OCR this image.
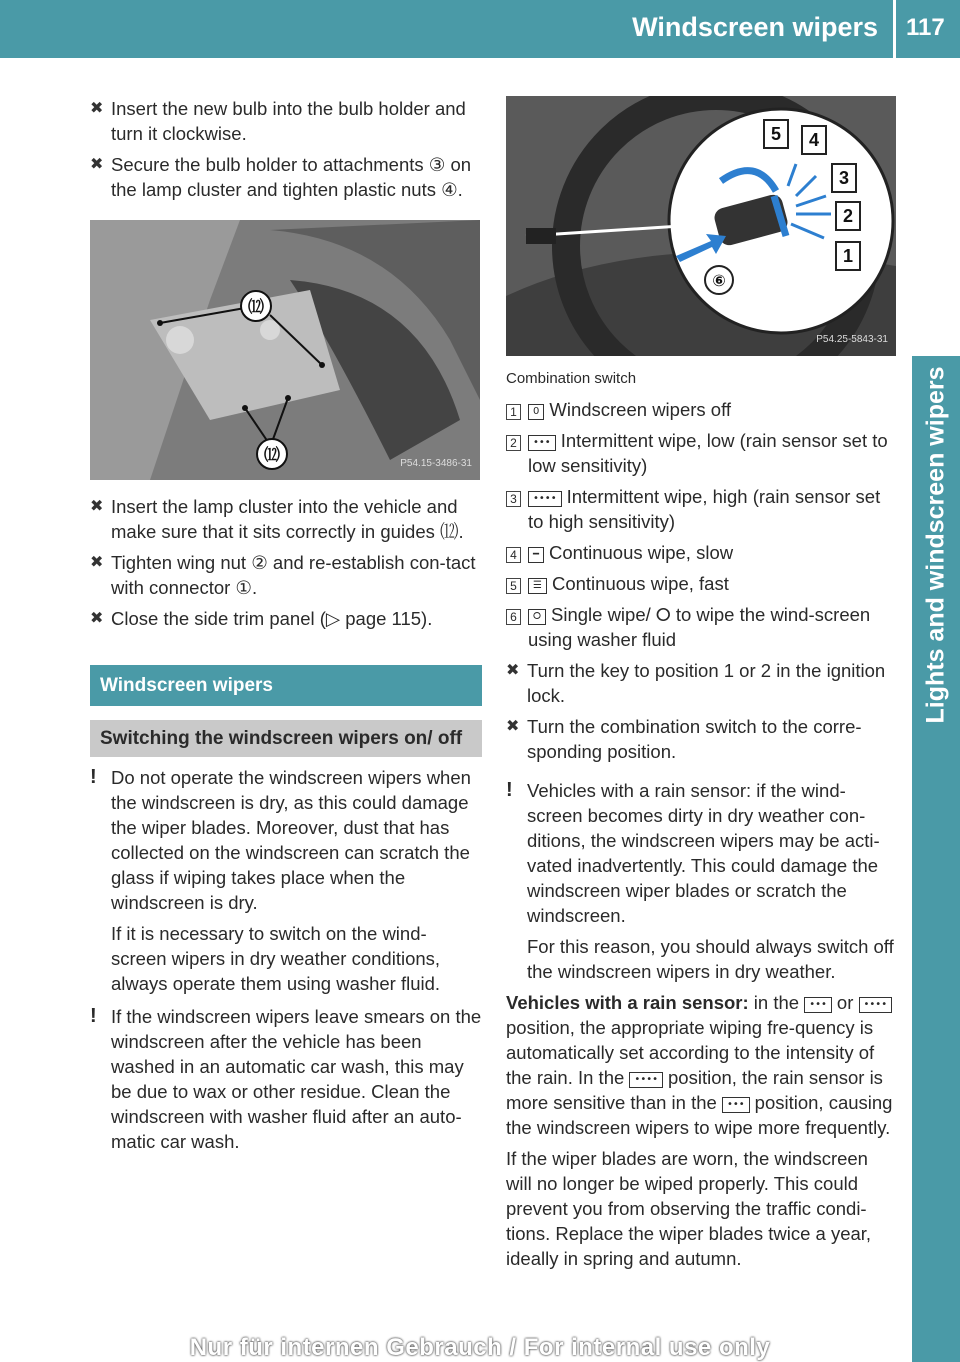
Windscreen wipers 117
Lights and windscreen wipers
✖ Insert the new bulb into the bulb holder and turn it clockwise.
✖ Secure the bulb holder to attachments ③ on the lamp cluster and tighten plastic nuts ④.
⑿
⑿	P54.15-3486-31
✖ Insert the lamp cluster into the vehicle and make sure that it sits correctly in guides ⑿.
✖ Tighten wing nut ② and re-establish con-tact with connector ①.
✖ Close the side trim panel (▷ page 115).
Windscreen wipers
Switching the windscreen wipers on/ off
! Do not operate the windscreen wipers when the windscreen is dry, as this could damage the wiper blades. Moreover, dust that has collected on the windscreen can scratch the glass if wiping takes place when the windscreen is dry.

If it is necessary to switch on the wind-screen wipers in dry weather conditions, always operate them using washer fluid.

! If the windscreen wipers leave smears on the windscreen after the vehicle has been washed in an automatic car wash, this may be due to wax or other residue. Clean the windscreen with washer fluid after an auto-matic car wash.

5 4
3
2
1
⑥
P54.25-5843-31
Combination switch
1	0 Windscreen wipers off
2	••• Intermittent wipe, low (rain sensor set to low sensitivity)
3	•••• Intermittent wipe, high (rain sensor set to high sensitivity)
4	━ Continuous wipe, slow
5	☰ Continuous wipe, fast
6	⭘ Single wipe/ ⭘ to wipe the wind-screen using washer fluid
✖ Turn the key to position 1 or 2 in the ignition lock.
✖ Turn the combination switch to the corre-sponding position.
! Vehicles with a rain sensor: if the wind-screen becomes dirty in dry weather con-ditions, the windscreen wipers may be acti-vated inadvertently. This could damage the windscreen wiper blades or scratch the windscreen.

For this reason, you should always switch off the windscreen wipers in dry weather.

Vehicles with a rain sensor: in the ••• or ••••position, the appropriate wiping fre-quency is automatically set according to the intensity of the rain. In the •••• position, the rain sensor is more sensitive than in the ••• position, causing the windscreen wipers to wipe more frequently.
If the wiper blades are worn, the windscreen will no longer be wiped properly. This could prevent you from observing the traffic condi-tions. Replace the wiper blades twice a year, ideally in spring and autumn.
Nur für internen Gebrauch / For internal use only
